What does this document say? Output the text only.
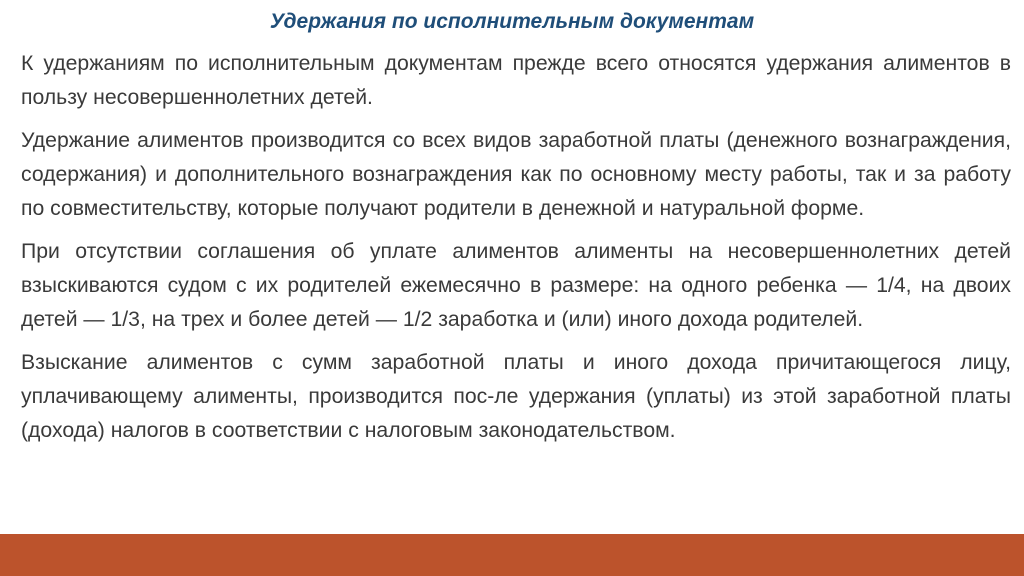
Удержания по исполнительным документам

К удержаниям по исполнительным документам прежде всего относятся удержания алиментов в пользу несовершеннолетних детей.

Удержание алиментов производится со всех видов заработной платы (денежного вознаграждения, содержания) и дополнительного вознаграждения как по основному месту работы, так и за работу по совместительству, которые получают родители в денежной и натуральной форме.

При отсутствии соглашения об уплате алиментов алименты на несовершеннолетних детей взыскиваются судом с их родителей ежемесячно в размере: на одного ребенка — 1/4, на двоих детей — 1/3, на трех и более детей — 1/2 заработка и (или) иного дохода родителей.

Взыскание алиментов с сумм заработной платы и иного дохода причитающегося лицу, уплачивающему алименты, производится пос-ле удержания (уплаты) из этой заработной платы (дохода) налогов в соответствии с налоговым законодательством.
